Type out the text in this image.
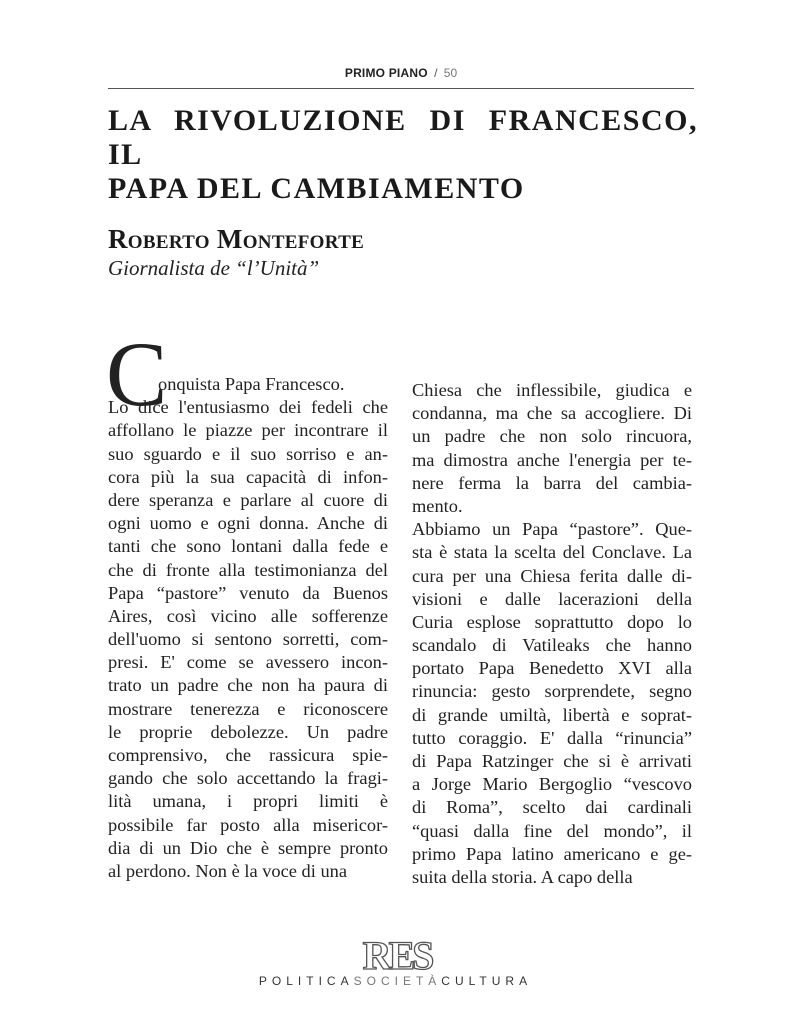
PRIMO PIANO / 50
LA RIVOLUZIONE DI FRANCESCO, IL
PAPA DEL CAMBIAMENTO
Roberto Monteforte
Giornalista de “l’Unità”
C
onquista Papa Francesco.
Lo dice l'entusiasmo dei fedeli che
affollano le piazze per incontrare il
suo sguardo e il suo sorriso e an-
cora più la sua capacità di infon-
dere speranza e parlare al cuore di
ogni uomo e ogni donna. Anche di
tanti che sono lontani dalla fede e
che di fronte alla testimonianza del
Papa “pastore” venuto da Buenos
Aires, così vicino alle sofferenze
dell'uomo si sentono sorretti, com-
presi. E' come se avessero incon-
trato un padre che non ha paura di
mostrare tenerezza e riconoscere
le proprie debolezze. Un padre
comprensivo, che rassicura spie-
gando che solo accettando la fragi-
lità umana, i propri limiti è
possibile far posto alla misericor-
dia di un Dio che è sempre pronto
al perdono. Non è la voce di una
Chiesa che inflessibile, giudica e
condanna, ma che sa accogliere. Di
un padre che non solo rincuora,
ma dimostra anche l'energia per te-
nere ferma la barra del cambia-
mento.
Abbiamo un Papa “pastore”. Que-
sta è stata la scelta del Conclave. La
cura per una Chiesa ferita dalle di-
visioni e dalle lacerazioni della
Curia esplose soprattutto dopo lo
scandalo di Vatileaks che hanno
portato Papa Benedetto XVI alla
rinuncia: gesto sorprendete, segno
di grande umiltà, libertà e soprat-
tutto coraggio. E' dalla “rinuncia”
di Papa Ratzinger che si è arrivati
a Jorge Mario Bergoglio “vescovo
di Roma”, scelto dai cardinali
“quasi dalla fine del mondo”, il
primo Papa latino americano e ge-
suita della storia. A capo della
RES
POLITICASOCIETÀCULTURA
